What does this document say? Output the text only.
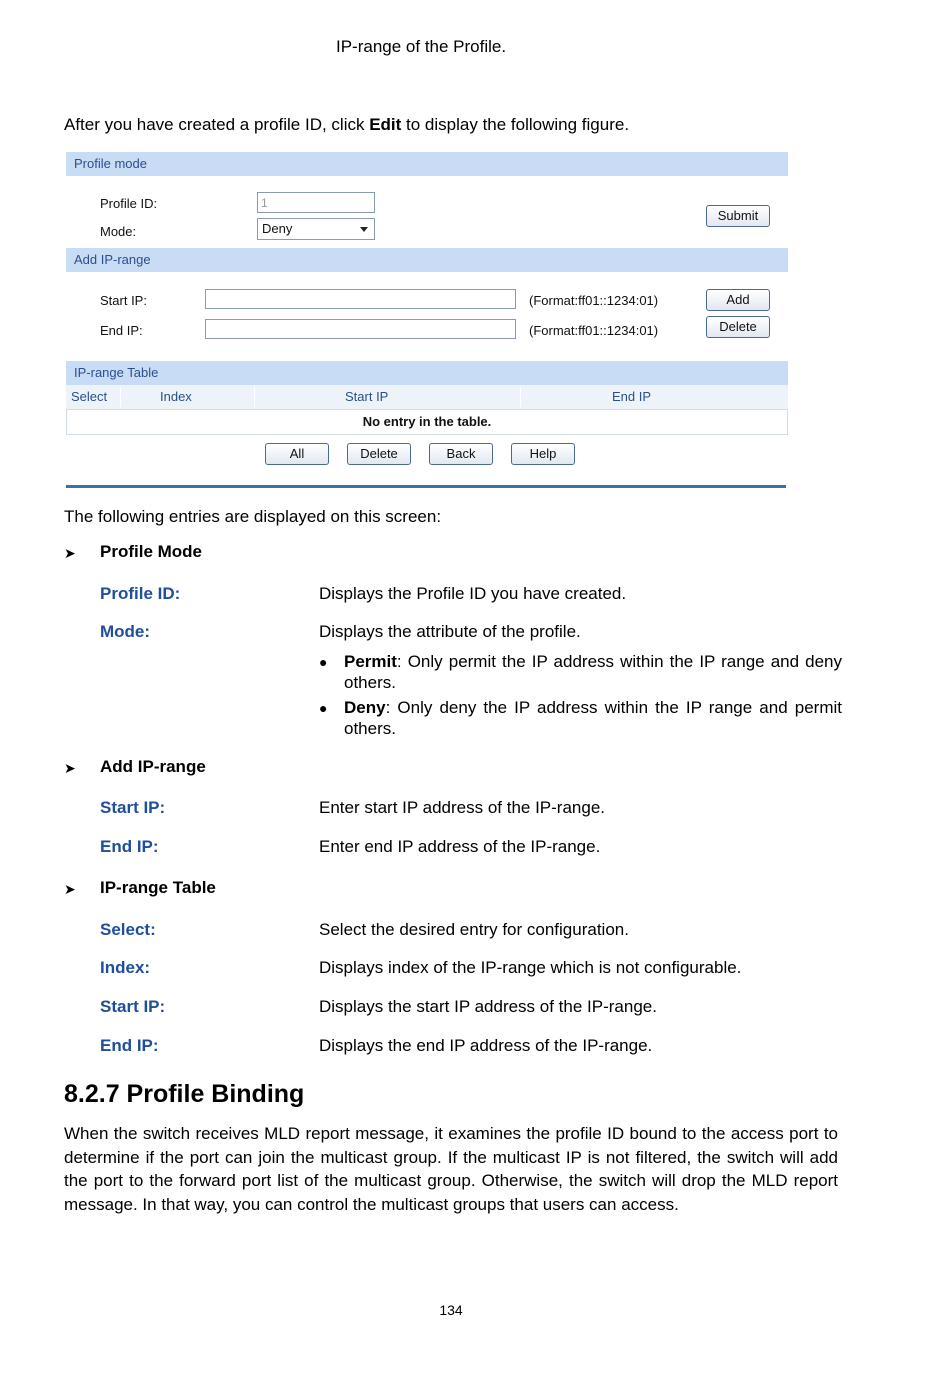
IP-range of the Profile.
After you have created a profile ID, click Edit to display the following figure.
Profile mode
Profile ID:
1
Mode:	Deny
Submit
Add IP-range
Start IP:	(Format:ff01::1234:01)	Add
End IP:	(Format:ff01::1234:01)	Delete
IP-range Table
Select	Index	Start IP	End IP
No entry in the table.
All	Delete	Back	Help
The following entries are displayed on this screen:
➤ Profile Mode
Profile ID:	Displays the Profile ID you have created.
Mode:	Displays the attribute of the profile.
● Permit: Only permit the IP address within the IP range and deny others.
● Deny: Only deny the IP address within the IP range and permit others.
➤ Add IP-range
Start IP:	Enter start IP address of the IP-range.
End IP:	Enter end IP address of the IP-range.
➤ IP-range Table
Select:	Select the desired entry for configuration.
Index:	Displays index of the IP-range which is not configurable.
Start IP:	Displays the start IP address of the IP-range.
End IP:	Displays the end IP address of the IP-range.
8.2.7 Profile Binding
When the switch receives MLD report message, it examines the profile ID bound to the access port to determine if the port can join the multicast group. If the multicast IP is not filtered, the switch will add the port to the forward port list of the multicast group. Otherwise, the switch will drop the MLD report message. In that way, you can control the multicast groups that users can access.
134
